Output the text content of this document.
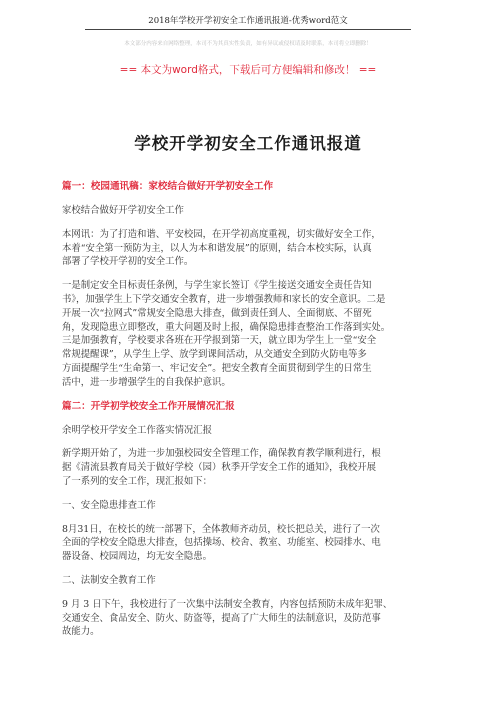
2018年学校开学初安全工作通讯报道-优秀word范文
本文部分内容来自网络整理，本司不为其真实性负责，如有异议或侵权请及时联系，本司将立即删除！
== 本文为word格式，下载后可方便编辑和修改！ ==
学校开学初安全工作通讯报道

篇一：校园通讯稿：家校结合做好开学初安全工作

家校结合做好开学初安全工作

本网讯：为了打造和谐、平安校园，在开学初高度重视，切实做好安全工作，

本着“安全第一预防为主，以人为本和谐发展”的原则，结合本校实际，认真

部署了学校开学初的安全工作。

一是制定安全目标责任条例，与学生家长签订《学生接送交通安全责任告知

书》，加强学生上下学交通安全教育，进一步增强教师和家长的安全意识。二是

开展一次“拉网式”常规安全隐患大排查，做到责任到人、全面彻底、不留死

角，发现隐患立即整改，重大问题及时上报，确保隐患排查整治工作落到实处。

三是加强教育，学校要求各班在开学报到第一天，就立即为学生上一堂“安全

常规提醒课”，从学生上学、放学到课间活动，从交通安全到防火防电等多

方面提醒学生“生命第一、牢记安全”。把安全教育全面贯彻到学生的日常生

活中，进一步增强学生的自我保护意识。

篇二：开学初学校安全工作开展情况汇报

余明学校开学安全工作落实情况汇报

新学期开始了，为进一步加强校园安全管理工作，确保教育教学顺利进行，根

据《清流县教育局关于做好学校（园）秋季开学安全工作的通知》，我校开展

了一系列的安全工作，现汇报如下：

一、安全隐患排查工作

8月31日，在校长的统一部署下，全体教师齐动员，校长把总关，进行了一次

全面的学校安全隐患大排查，包括操场、校舍、教室、功能室、校园排水、电

器设备、校园周边，均无安全隐患。

二、法制安全教育工作

9 月 3 日下午，我校进行了一次集中法制安全教育，内容包括预防未成年犯罪、

交通安全、食品安全、防火、防盗等，提高了广大师生的法制意识，及防范事

故能力。
